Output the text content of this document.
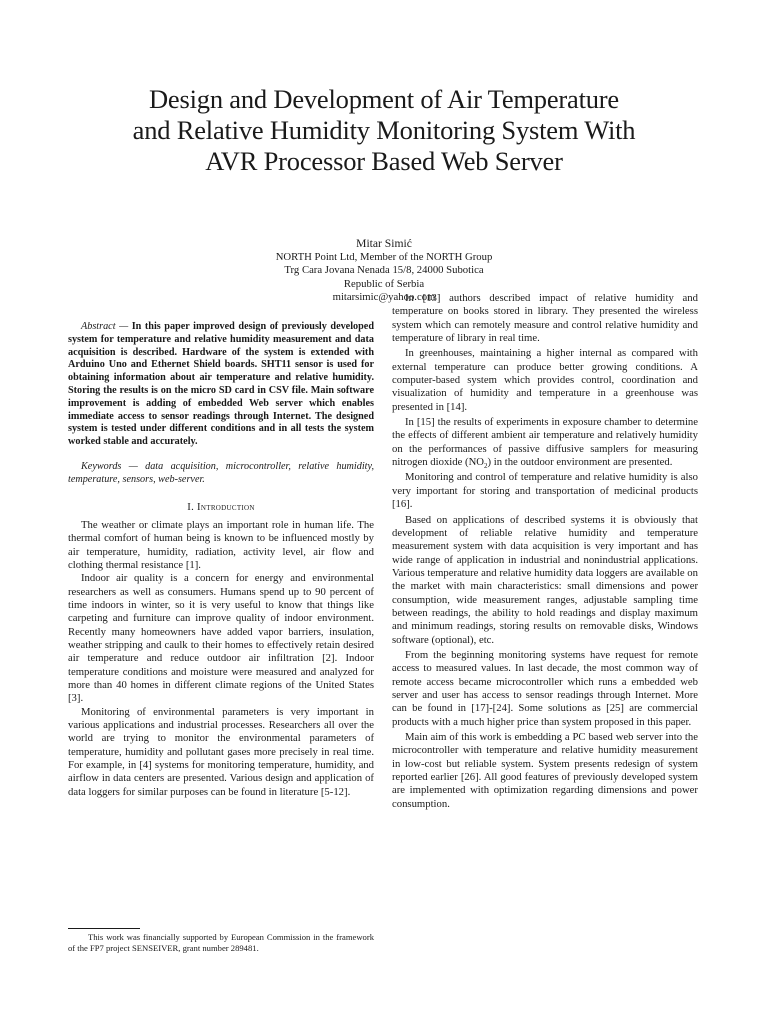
Design and Development of Air Temperature
and Relative Humidity Monitoring System With
AVR Processor Based Web Server
Mitar Simić
NORTH Point Ltd, Member of the NORTH Group
Trg Cara Jovana Nenada 15/8, 24000 Subotica
Republic of Serbia
mitarsimic@yahoo.com

Abstract — In this paper improved design of previously developed system for temperature and relative humidity measurement and data acquisition is described. Hardware of the system is extended with Arduino Uno and Ethernet Shield boards. SHT11 sensor is used for obtaining information about air temperature and relative humidity. Storing the results is on the micro SD card in CSV file. Main software improvement is adding of embedded Web server which enables immediate access to sensor readings through Internet. The designed system is tested under different conditions and in all tests the system worked stable and accurately.

Keywords — data acquisition, microcontroller, relative humidity, temperature, sensors, web-server.

I. Introduction

The weather or climate plays an important role in human life. The thermal comfort of human being is known to be influenced mostly by air temperature, humidity, radiation, activity level, air flow and clothing thermal resistance [1].

Indoor air quality is a concern for energy and environmental researchers as well as consumers. Humans spend up to 90 percent of time indoors in winter, so it is very useful to know that things like carpeting and furniture can improve quality of indoor environment. Recently many homeowners have added vapor barriers, insulation, weather stripping and caulk to their homes to effectively retain desired air temperature and reduce outdoor air infiltration [2]. Indoor temperature conditions and moisture were measured and analyzed for more than 40 homes in different climate regions of the United States [3].

Monitoring of environmental parameters is very important in various applications and industrial processes. Researchers all over the world are trying to monitor the environmental parameters of temperature, humidity and pollutant gases more precisely in real time. For example, in [4] systems for monitoring temperature, humidity, and airflow in data centers are presented. Various design and application of data loggers for similar purposes can be found in literature [5-12].

In [13] authors described impact of relative humidity and temperature on books stored in library. They presented the wireless system which can remotely measure and control relative humidity and temperature of library in real time.

In greenhouses, maintaining a higher internal as compared with external temperature can produce better growing conditions. A computer-based system which provides control, coordination and visualization of humidity and temperature in a greenhouse was presented in [14].

In [15] the results of experiments in exposure chamber to determine the effects of different ambient air temperature and relatively humidity on the performances of passive diffusive samplers for measuring nitrogen dioxide $(NO_2)$ in the outdoor environment are presented.

Monitoring and control of temperature and relative humidity is also very important for storing and transportation of medicinal products [16].

Based on applications of described systems it is obviously that development of reliable relative humidity and temperature measurement system with data acquisition is very important and has wide range of application in industrial and nonindustrial applications. Various temperature and relative humidity data loggers are available on the market with main characteristics: small dimensions and power consumption, wide measurement ranges, adjustable sampling time between readings, the ability to hold readings and display maximum and minimum readings, storing results on removable disks, Windows software (optional), etc.

From the beginning monitoring systems have request for remote access to measured values. In last decade, the most common way of remote access became microcontroller which runs a embedded web server and user has access to sensor readings through Internet. More can be found in [17]-[24]. Some solutions as [25] are commercial products with a much higher price than system proposed in this paper.

Main aim of this work is embedding a PC based web server into the microcontroller with temperature and relative humidity measurement in low-cost but reliable system. System presents redesign of system reported earlier [26]. All good features of previously developed system are implemented with optimization regarding dimensions and power consumption.

This work was financially supported by European Commission in the framework of the FP7 project SENSEIVER, grant number 289481.
